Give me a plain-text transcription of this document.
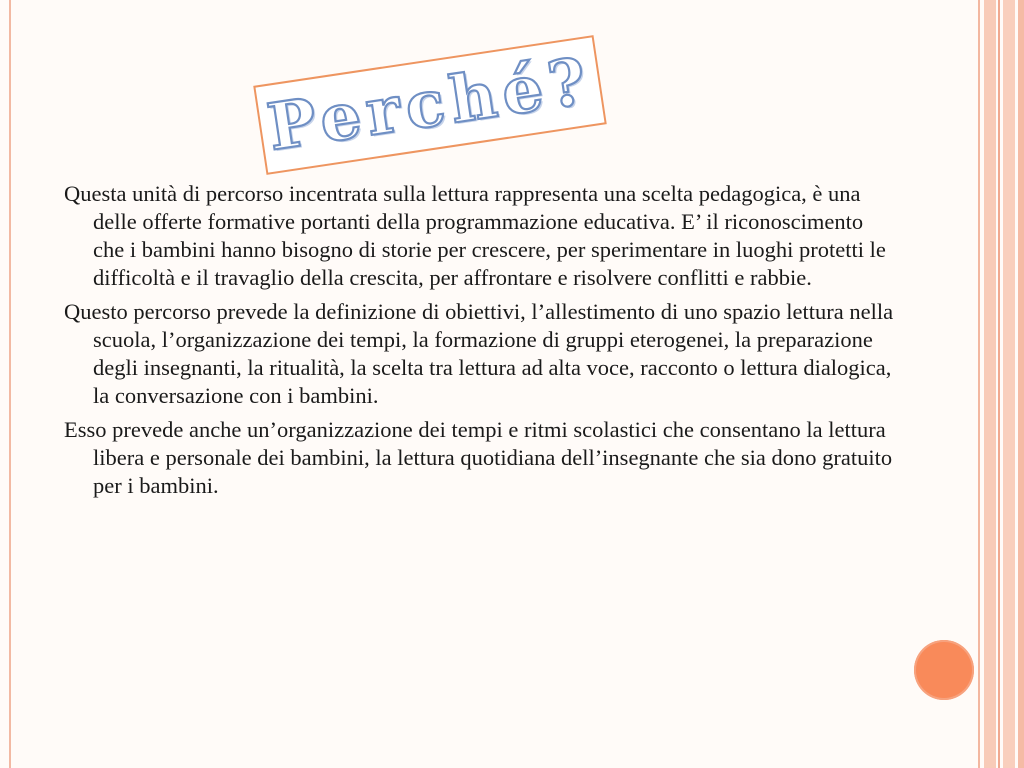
Perché?

Questa unità di percorso incentrata sulla lettura rappresenta una scelta pedagogica, è una delle offerte formative portanti della programmazione educativa. E’ il riconoscimento che i bambini hanno bisogno di storie per crescere, per sperimentare in luoghi protetti le difficoltà e il travaglio della crescita, per affrontare e risolvere conflitti e rabbie.

Questo percorso prevede la definizione di obiettivi, l’allestimento di uno spazio lettura nella scuola, l’organizzazione dei tempi, la formazione di gruppi eterogenei, la preparazione degli insegnanti, la ritualità, la scelta tra lettura ad alta voce, racconto o lettura dialogica, la conversazione con i bambini.

Esso prevede anche un’organizzazione dei tempi e ritmi scolastici che consentano la lettura libera e personale dei bambini, la lettura quotidiana dell’insegnante che sia dono gratuito per i bambini.
